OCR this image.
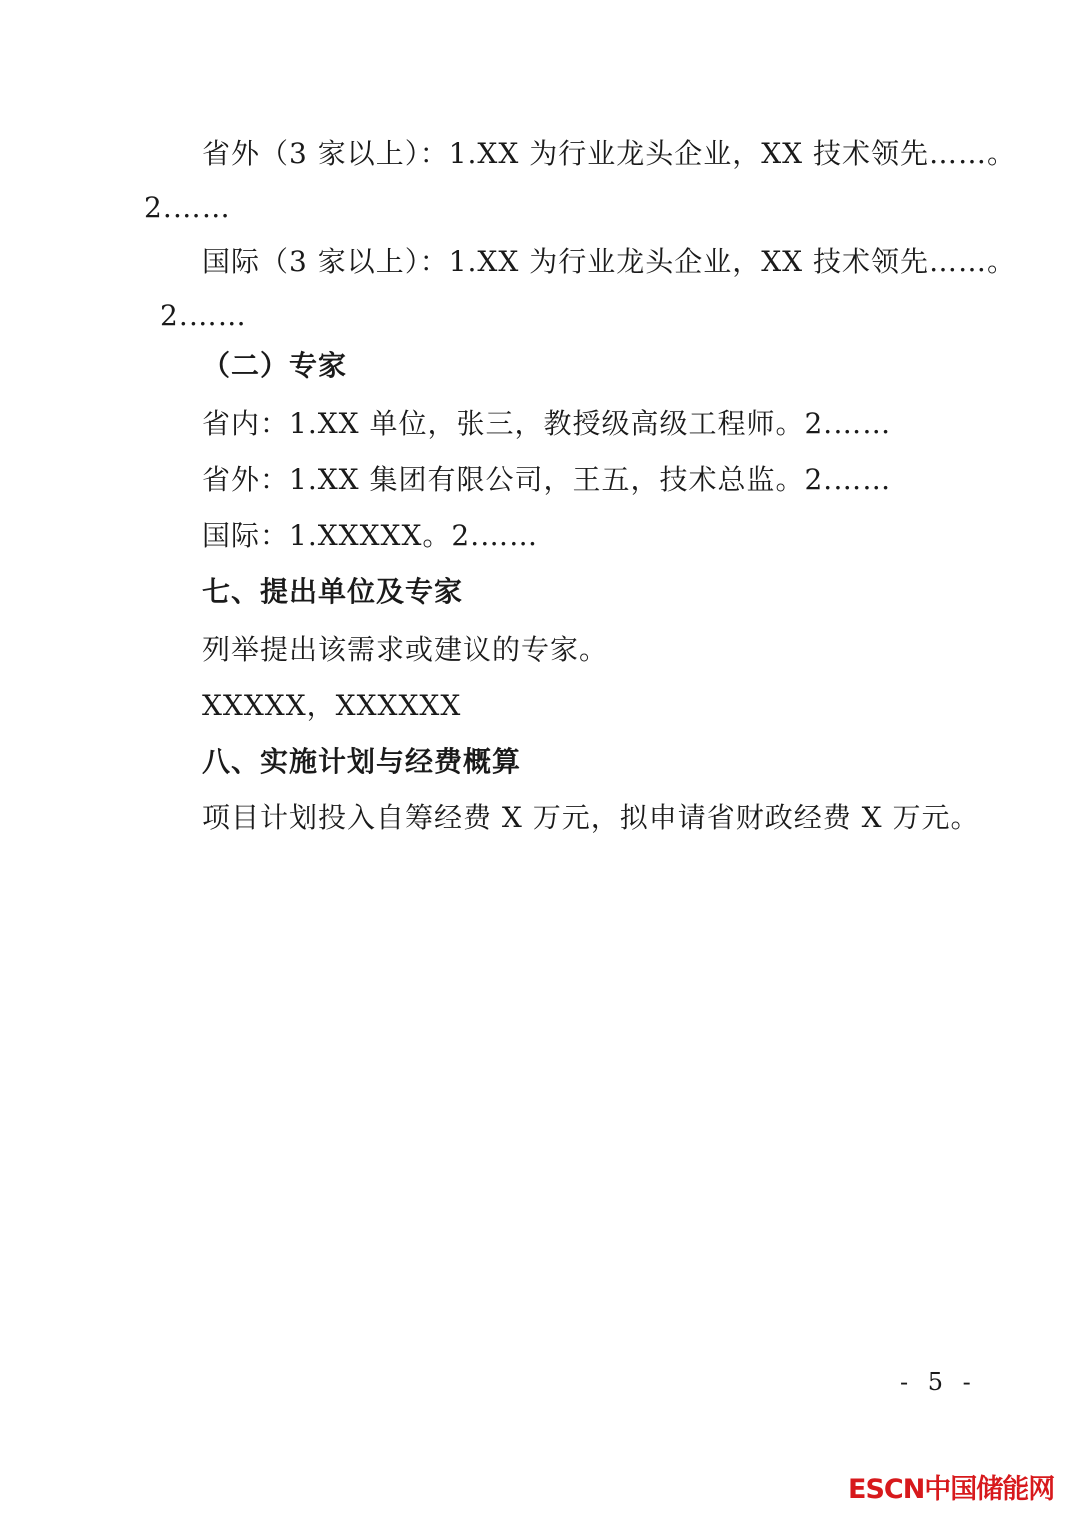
省外（3 家以上）：1.XX 为行业龙头企业，XX 技术领先……。
2.……
国际（3 家以上）：1.XX 为行业龙头企业，XX 技术领先……。
2.……
（二）专家
省内：1.XX 单位，张三，教授级高级工程师。2.……
省外：1.XX 集团有限公司，王五，技术总监。2.……
国际：1.XXXXX。2.……
七、提出单位及专家
列举提出该需求或建议的专家。
XXXXX，XXXXXX
八、实施计划与经费概算
项目计划投入自筹经费 X 万元，拟申请省财政经费 X 万元。
- 5 -
ESCN中国储能网
